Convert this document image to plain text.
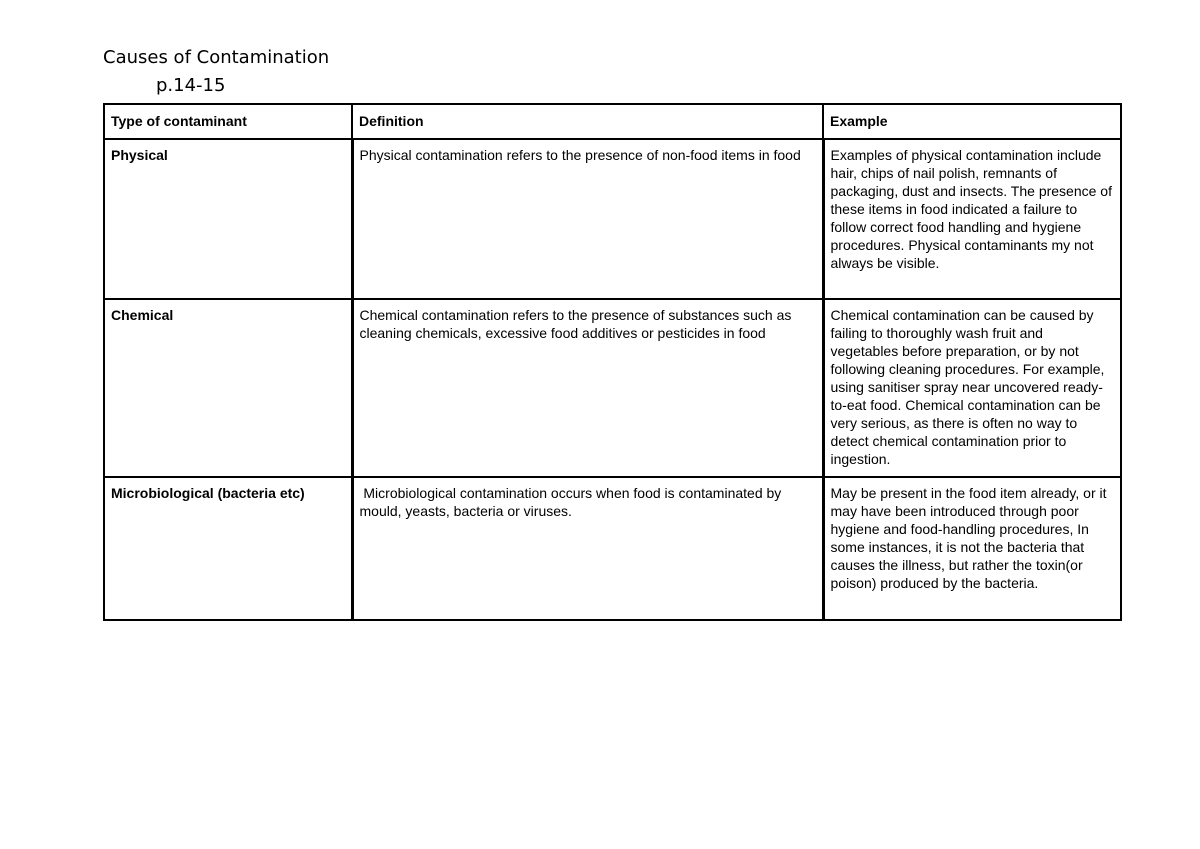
Causes of Contamination
p.14-15
Type of contaminant	Definition	Example
Physical	Physical contamination refers to the presence of non-food items in food	Examples of physical contamination include hair, chips of nail polish, remnants of packaging, dust and insects. The presence of these items in food indicated a failure to follow correct food handling and hygiene procedures. Physical contaminants my not always be visible.
Chemical	Chemical contamination refers to the presence of substances such as cleaning chemicals, excessive food additives or pesticides in food	Chemical contamination can be caused by failing to thoroughly wash fruit and vegetables before preparation, or by not following cleaning procedures. For example, using sanitiser spray near uncovered ready-to-eat food. Chemical contamination can be very serious, as there is often no way to detect chemical contamination prior to ingestion.
Microbiological (bacteria etc)	Microbiological contamination occurs when food is contaminated by mould, yeasts, bacteria or viruses.	May be present in the food item already, or it may have been introduced through poor hygiene and food-handling procedures, In some instances, it is not the bacteria that causes the illness, but rather the toxin(or poison) produced by the bacteria.
